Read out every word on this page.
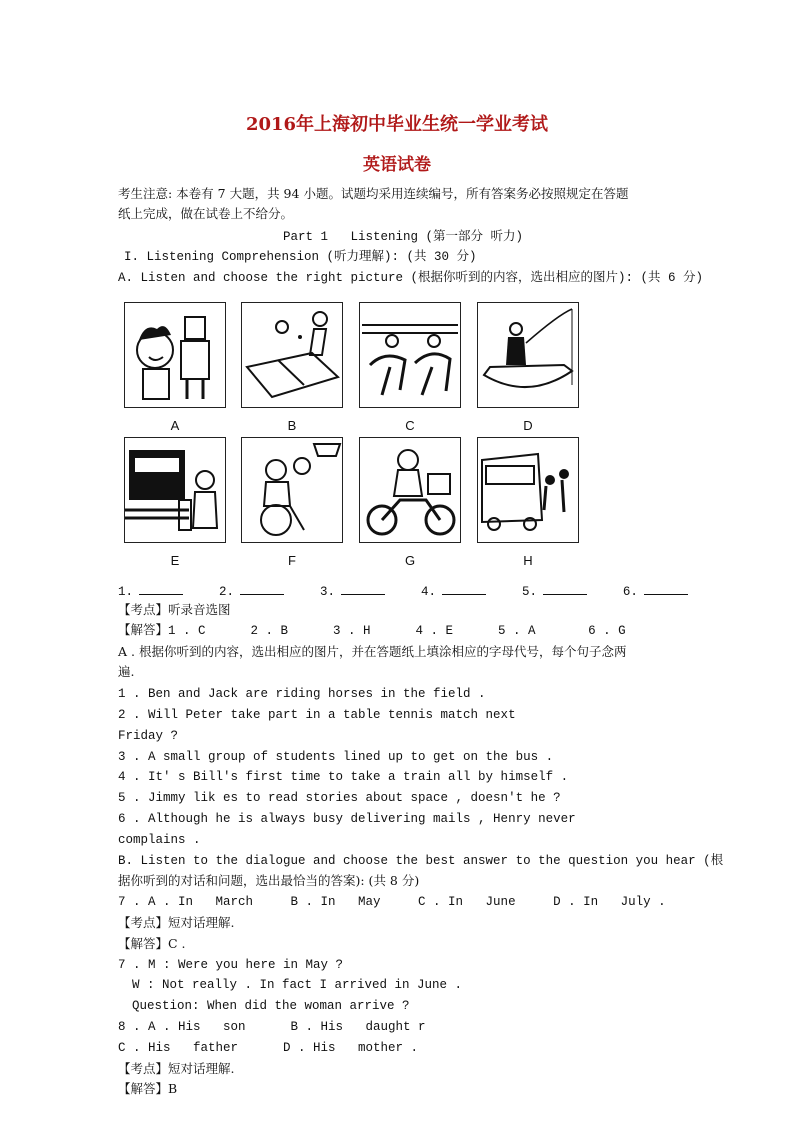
2016年上海初中毕业生统一学业考试
英语试卷
考生注意: 本卷有 7 大题，共 94 小题。试题均采用连续编号，所有答案务必按照规定在答题
纸上完成，做在试卷上不给分。
Part 1   Listening (第一部分 听力)
I. Listening Comprehension (听力理解): (共 30 分)
A. Listen and choose the right picture (根据你听到的内容，选出相应的图片): (共 6 分)
A	B	C	D
E	F	G	H
1.	2.	3.	4.	5.	6.
【考点】听录音选图
【解答】1 . C      2 . B      3 . H      4 . E      5 . A       6 . G
A . 根据你听到的内容，选出相应的图片，并在答题纸上填涂相应的字母代号，每个句子念两
遍.
1 . Ben and Jack are riding horses in the field .
2 . Will Peter take part in a table tennis match next
Friday ?
3 . A small group of students lined up to get on the bus .
4 . It' s Bill's first time to take a train all by himself .
5 . Jimmy lik es to read stories about space , doesn't he ?
6 . Although he is always busy delivering mails , Henry never
complains .
B. Listen to the dialogue and choose the best answer to the question you hear (根
据你听到的对话和问题，选出最恰当的答案): (共 8 分)
7 . A . In   March     B . In   May     C . In   June     D . In   July .
【考点】短对话理解.
【解答】C .
7 . M : Were you here in May ?
W : Not really . In fact I arrived in June .
Question: When did the woman arrive ?
8 . A . His   son      B . His   daught r
C . His   father      D . His   mother .
【考点】短对话理解.
【解答】B
